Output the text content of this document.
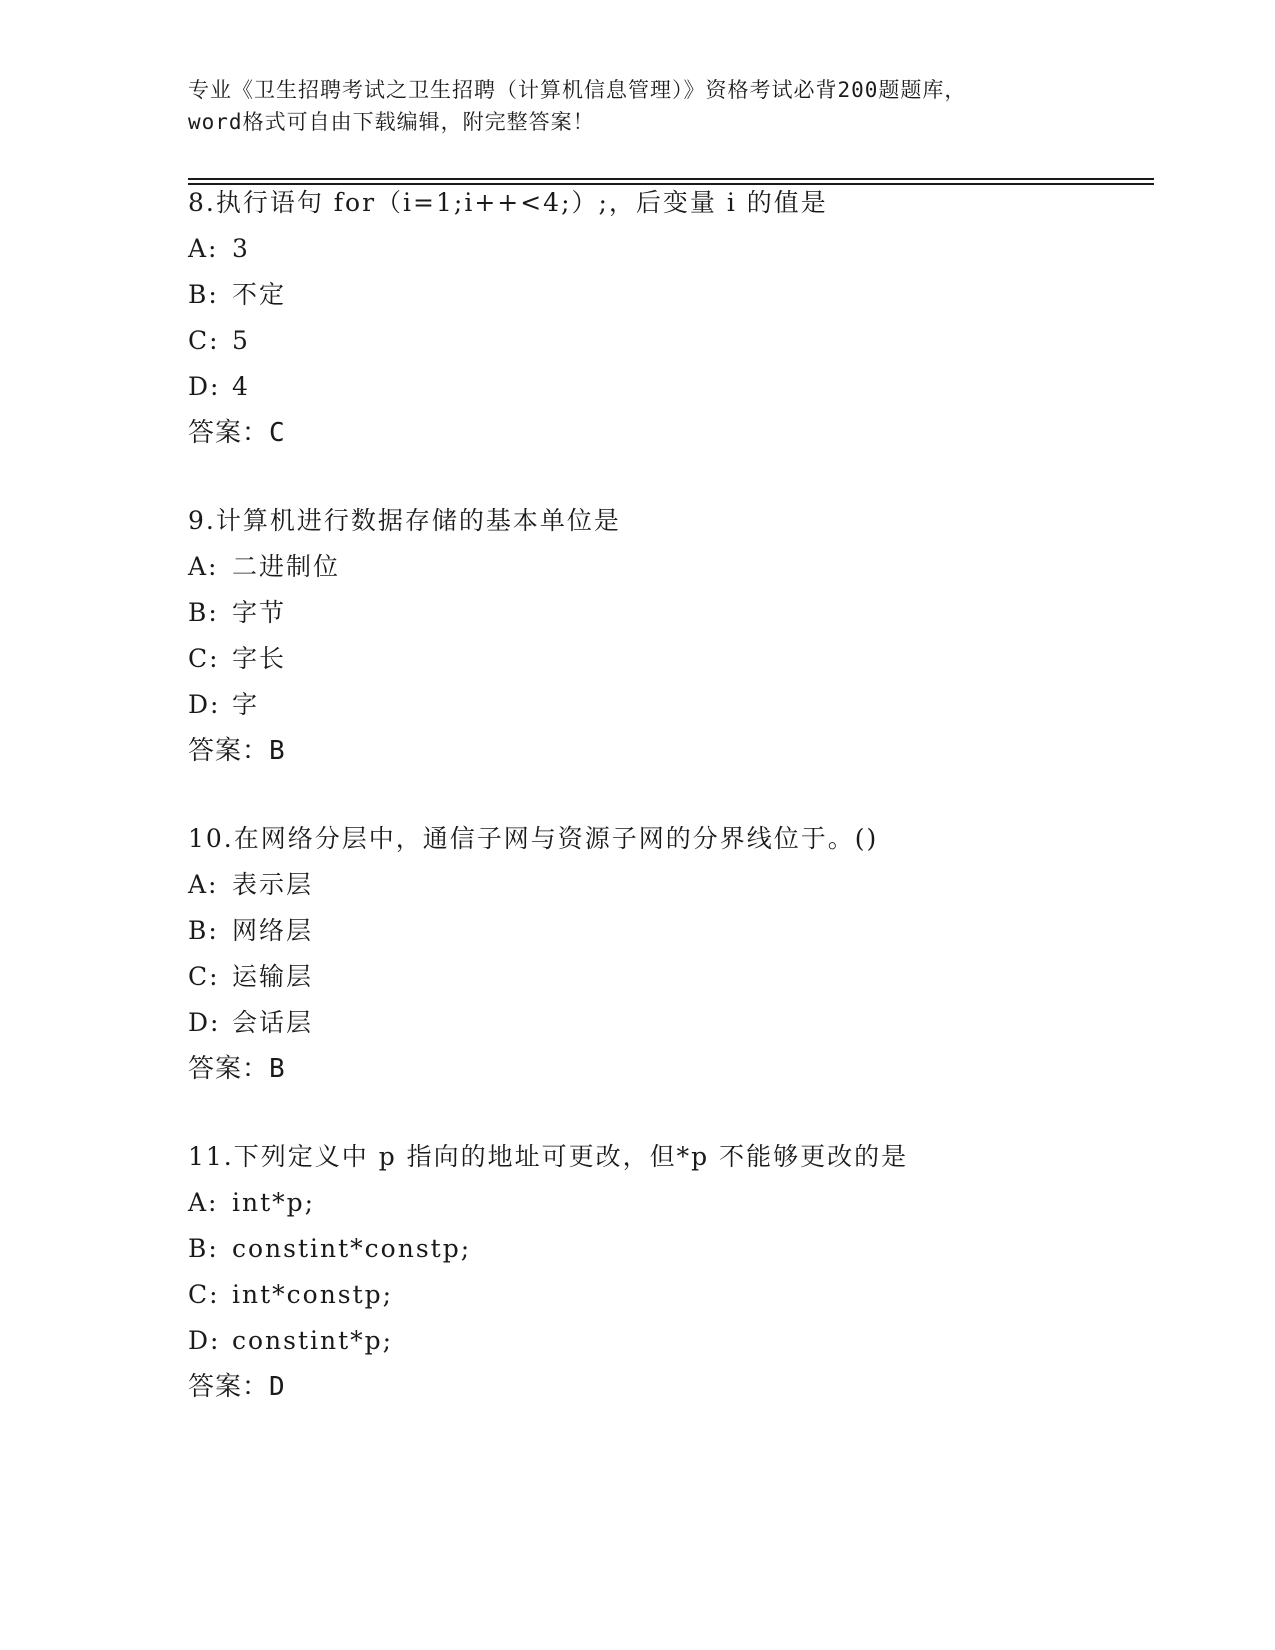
专业《卫生招聘考试之卫生招聘（计算机信息管理）》资格考试必背200题题库，
word格式可自由下载编辑，附完整答案！
8.执行语句 for（i=1;i++<4;）;，后变量 i 的值是
A: 3
B: 不定
C: 5
D: 4
答案：C
9.计算机进行数据存储的基本单位是
A: 二进制位
B: 字节
C: 字长
D: 字
答案：B
10.在网络分层中，通信子网与资源子网的分界线位于。()
A: 表示层
B: 网络层
C: 运输层
D: 会话层
答案：B
11.下列定义中 p 指向的地址可更改，但*p 不能够更改的是
A: int*p;
B: constint*constp;
C: int*constp;
D: constint*p;
答案：D
